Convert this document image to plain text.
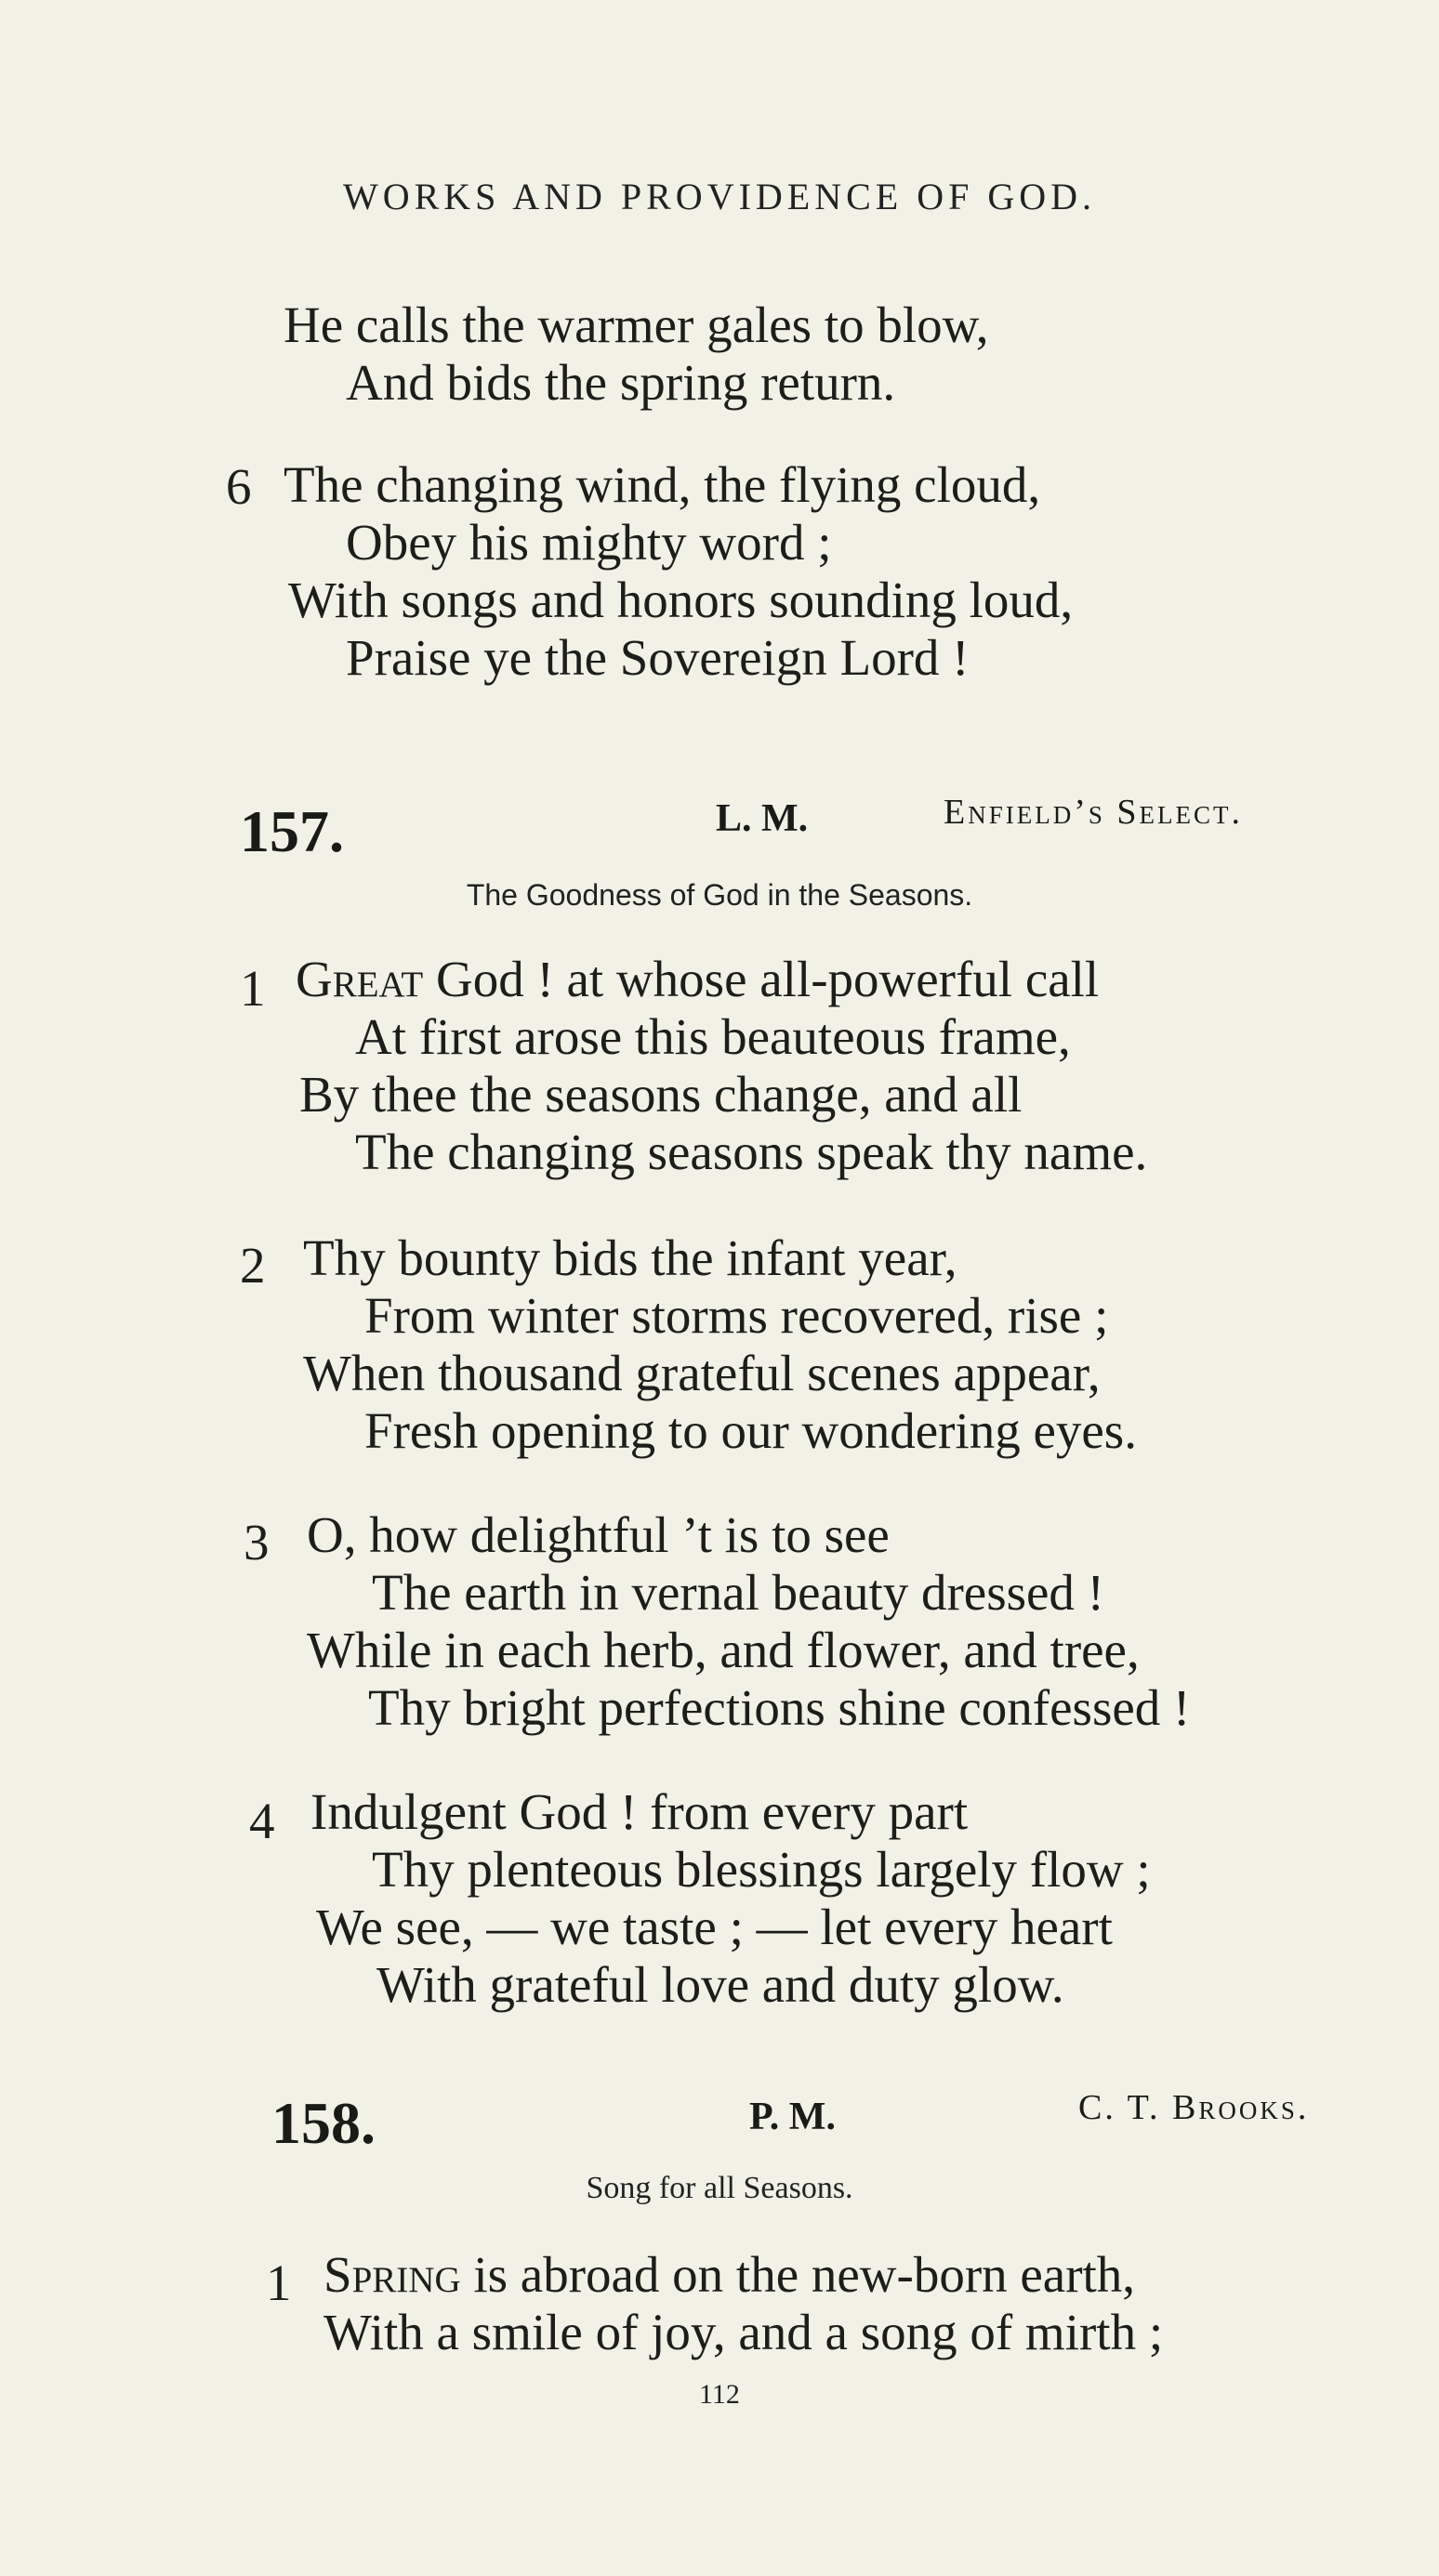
WORKS AND PROVIDENCE OF GOD.
He calls the warmer gales to blow,
And bids the spring return.
6 The changing wind, the flying cloud,
Obey his mighty word ;
With songs and honors sounding loud,
Praise ye the Sovereign Lord !
157.	L. M.	Enfield’s Select.
The Goodness of God in the Seasons.
1 Great God ! at whose all-powerful call
At first arose this beauteous frame,
By thee the seasons change, and all
The changing seasons speak thy name.
2 Thy bounty bids the infant year,
From winter storms recovered, rise ;
When thousand grateful scenes appear,
Fresh opening to our wondering eyes.
3 O, how delightful ’t is to see
The earth in vernal beauty dressed !
While in each herb, and flower, and tree,
Thy bright perfections shine confessed !
4 Indulgent God ! from every part
Thy plenteous blessings largely flow ;
We see, — we taste ; — let every heart
With grateful love and duty glow.
158.	P. M.	C. T. Brooks.
Song for all Seasons.
1 Spring is abroad on the new-born earth,
With a smile of joy, and a song of mirth ;
112
